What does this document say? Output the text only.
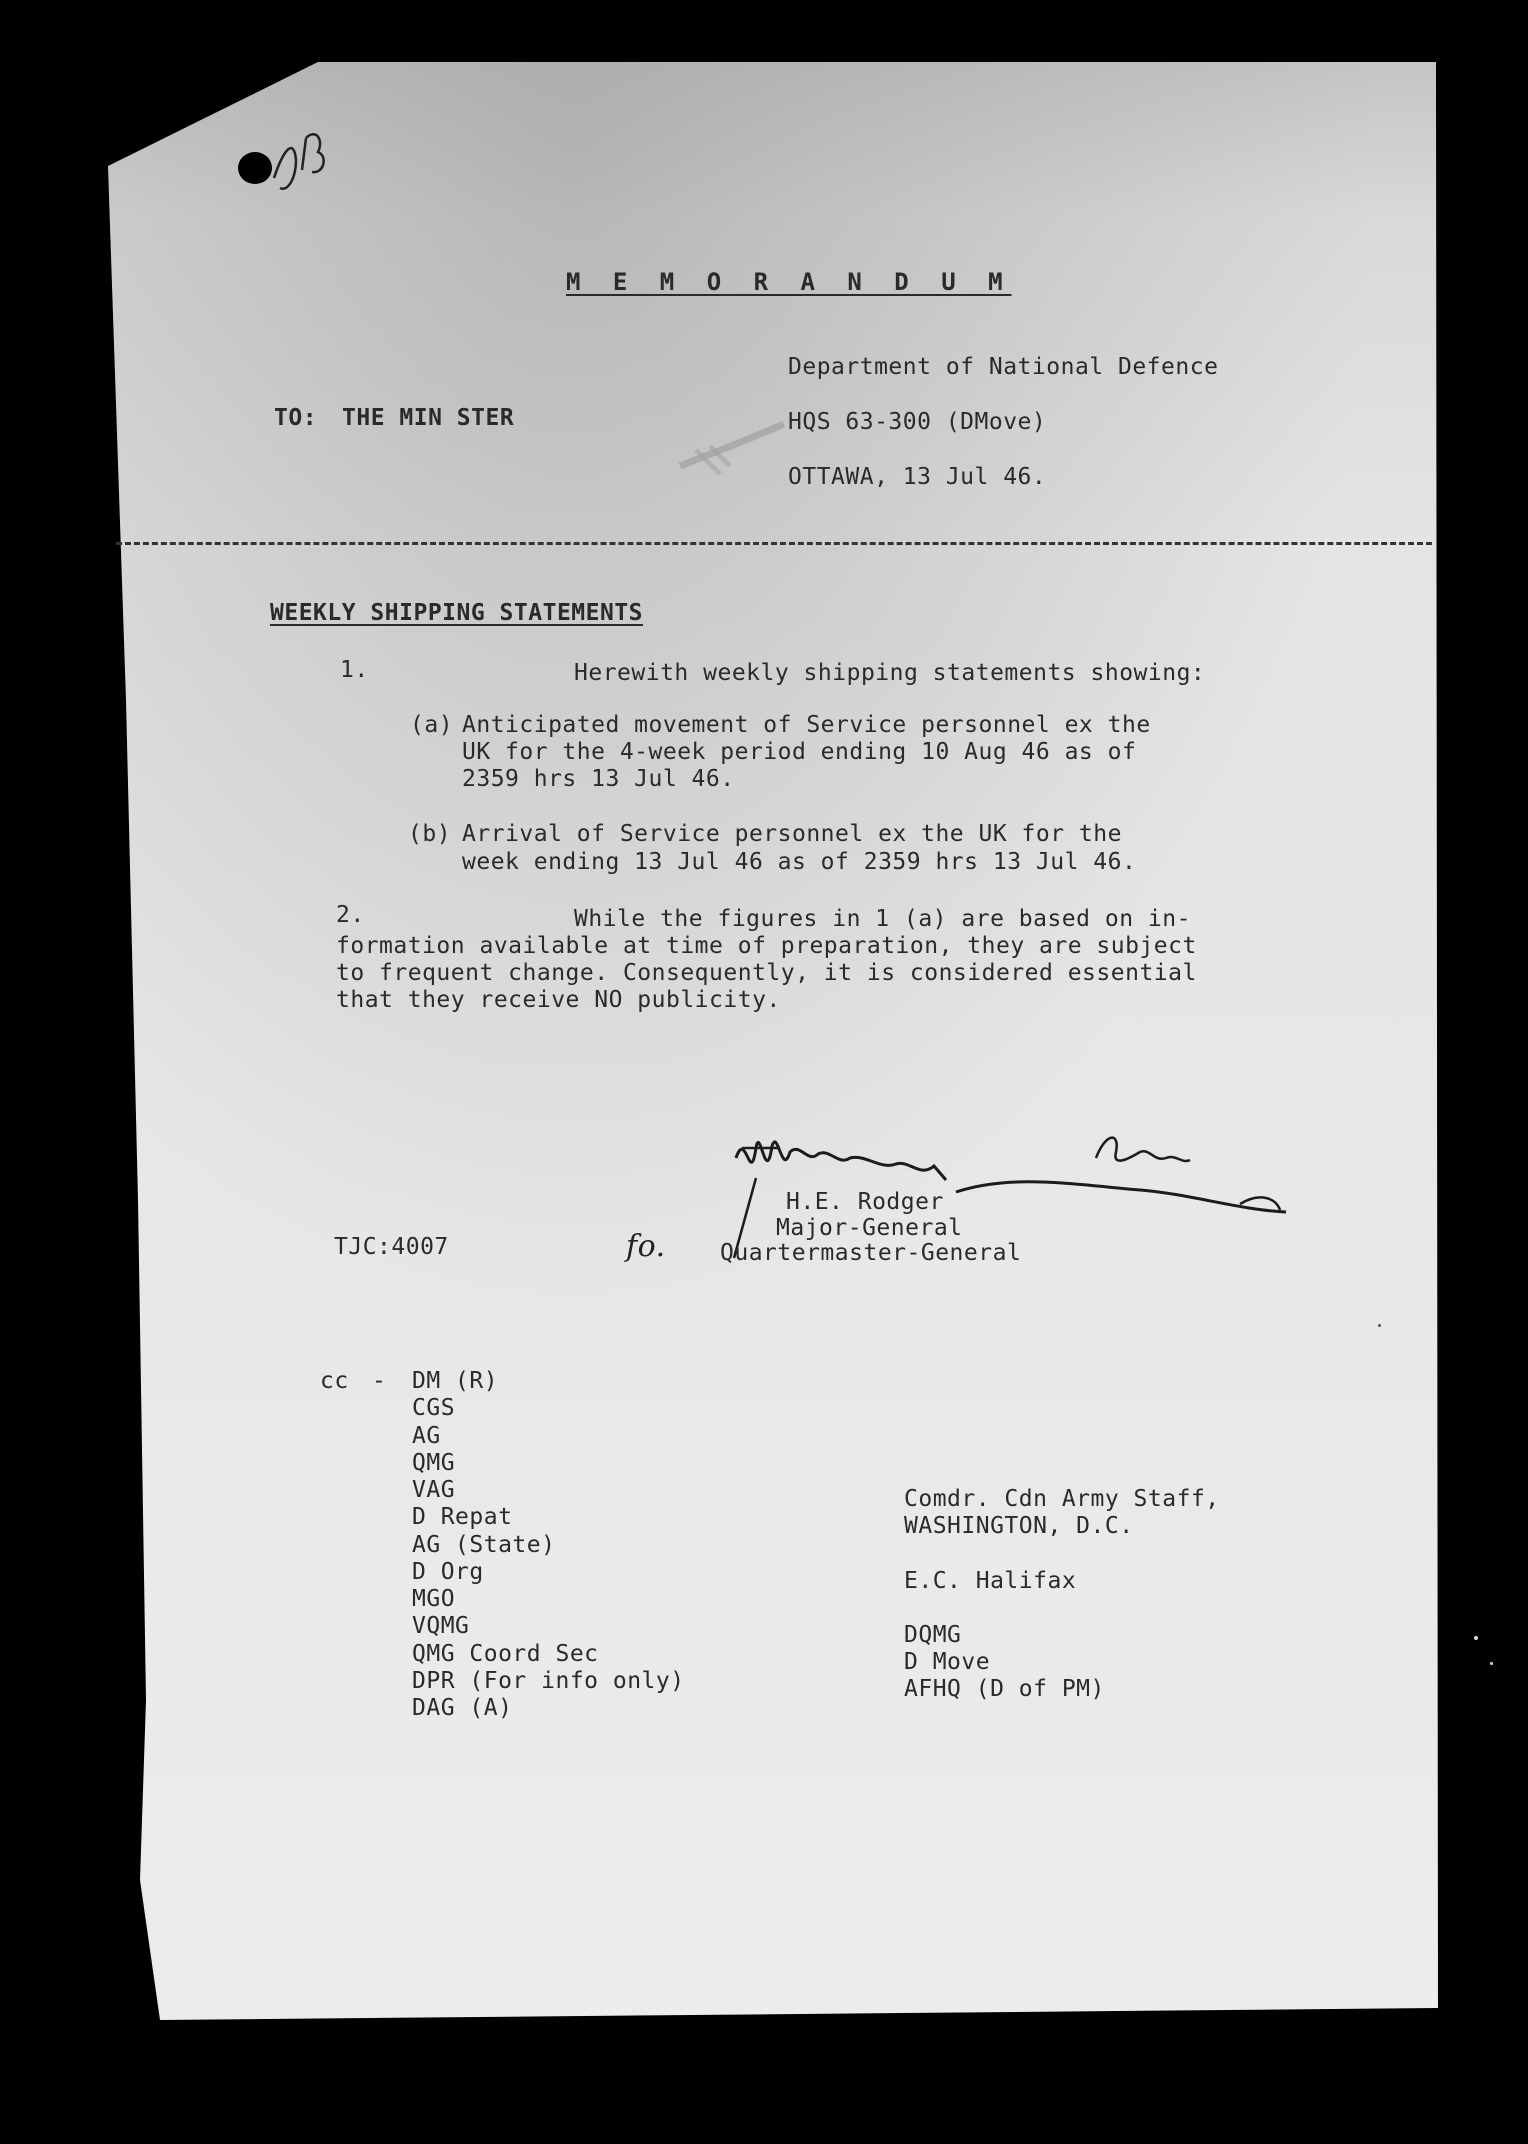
M E M O R A N D U M
Department of National Defence
TO: THE MIN STER	HQS 63-300 (DMove)
OTTAWA, 13 Jul 46.
WEEKLY SHIPPING STATEMENTS
1.	Herewith weekly shipping statements showing:
(a) Anticipated movement of Service personnel ex the
UK for the 4-week period ending 10 Aug 46 as of
2359 hrs 13 Jul 46.
(b) Arrival of Service personnel ex the UK for the
week ending 13 Jul 46 as of 2359 hrs 13 Jul 46.
2.	While the figures in 1 (a) are based on in-
formation available at time of preparation, they are subject
to frequent change. Consequently, it is considered essential
that they receive NO publicity.
H.E. Rodger
Major-General
Quartermaster-General
fo.
TJC:4007
cc - DM (R)
CGS
AG
QMG
VAG
D Repat
AG (State)
D Org
MGO
VQMG
QMG Coord Sec
DPR (For info only)
DAG (A)
Comdr. Cdn Army Staff,
WASHINGTON, D.C.
E.C. Halifax
DQMG
D Move
AFHQ (D of PM)
